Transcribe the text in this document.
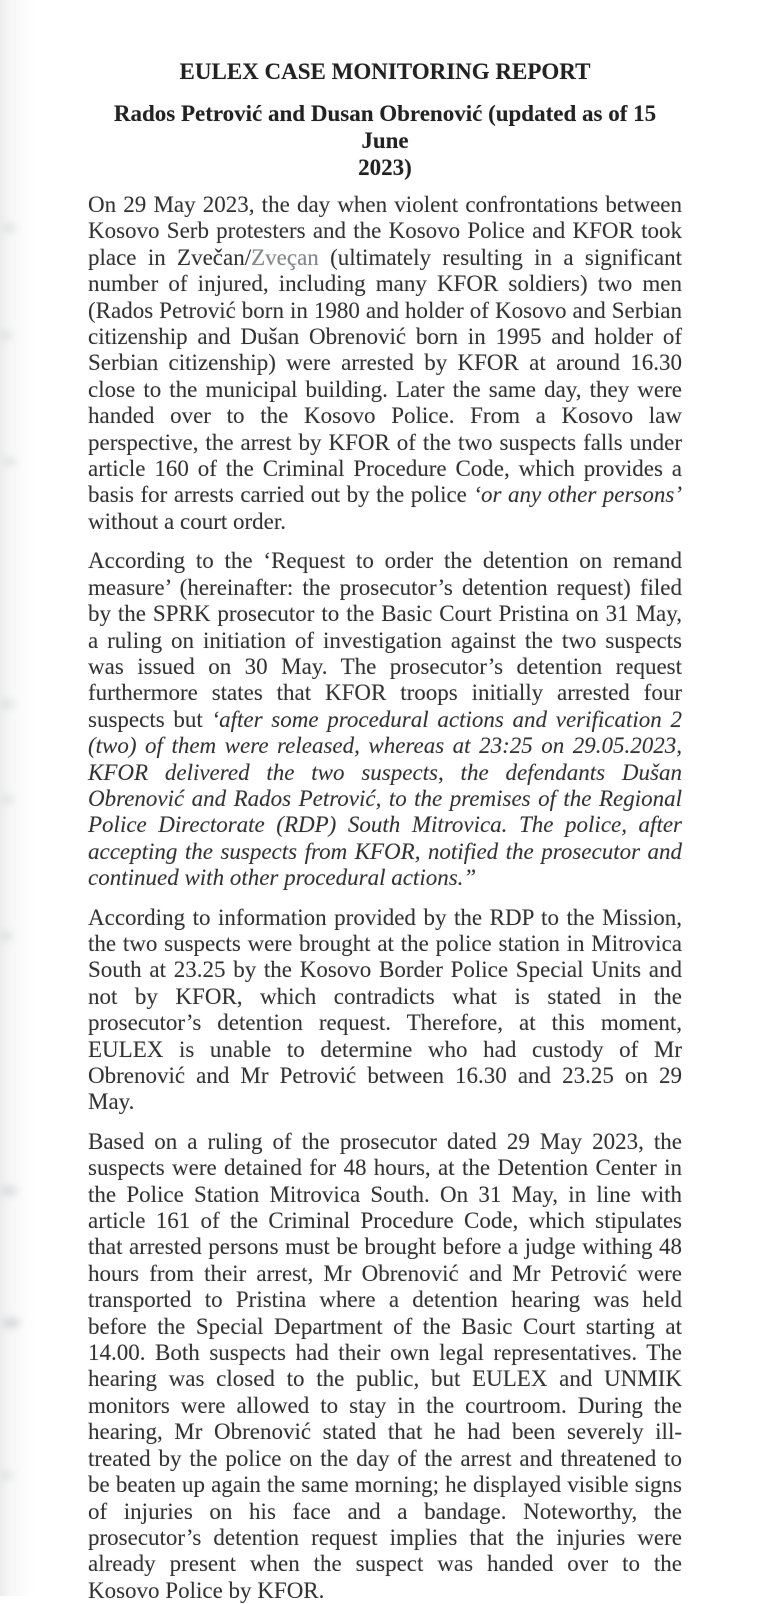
EULEX CASE MONITORING REPORT
Rados Petrović and Dusan Obrenović (updated as of 15 June
2023)

On 29 May 2023, the day when violent confrontations between Kosovo Serb protesters and the Kosovo Police and KFOR took place in Zvečan/Zveçan (ultimately resulting in a significant number of injured, including many KFOR soldiers) two men (Rados Petrović born in 1980 and holder of Kosovo and Serbian citizenship and Dušan Obrenović born in 1995 and holder of Serbian citizenship) were arrested by KFOR at around 16.30 close to the municipal building. Later the same day, they were handed over to the Kosovo Police. From a Kosovo law perspective, the arrest by KFOR of the two suspects falls under article 160 of the Criminal Procedure Code, which provides a basis for arrests carried out by the police ‘or any other persons’ without a court order.

According to the ‘Request to order the detention on remand measure’ (hereinafter: the prosecutor’s detention request) filed by the SPRK prosecutor to the Basic Court Pristina on 31 May, a ruling on initiation of investigation against the two suspects was issued on 30 May. The prosecutor’s detention request furthermore states that KFOR troops initially arrested four suspects but ‘after some procedural actions and verification 2 (two) of them were released, whereas at 23:25 on 29.05.2023, KFOR delivered the two suspects, the defendants Dušan Obrenović and Rados Petrović, to the premises of the Regional Police Directorate (RDP) South Mitrovica. The police, after accepting the suspects from KFOR, notified the prosecutor and continued with other procedural actions.”

According to information provided by the RDP to the Mission, the two suspects were brought at the police station in Mitrovica South at 23.25 by the Kosovo Border Police Special Units and not by KFOR, which contradicts what is stated in the prosecutor’s detention request. Therefore, at this moment, EULEX is unable to determine who had custody of Mr Obrenović and Mr Petrović between 16.30 and 23.25 on 29 May.

Based on a ruling of the prosecutor dated 29 May 2023, the suspects were detained for 48 hours, at the Detention Center in the Police Station Mitrovica South. On 31 May, in line with article 161 of the Criminal Procedure Code, which stipulates that arrested persons must be brought before a judge withing 48 hours from their arrest, Mr Obrenović and Mr Petrović were transported to Pristina where a detention hearing was held before the Special Department of the Basic Court starting at 14.00. Both suspects had their own legal representatives. The hearing was closed to the public, but EULEX and UNMIK monitors were allowed to stay in the courtroom. During the hearing, Mr Obrenović stated that he had been severely ill-treated by the police on the day of the arrest and threatened to be beaten up again the same morning; he displayed visible signs of injuries on his face and a bandage. Noteworthy, the prosecutor’s detention request implies that the injuries were already present when the suspect was handed over to the Kosovo Police by KFOR.
